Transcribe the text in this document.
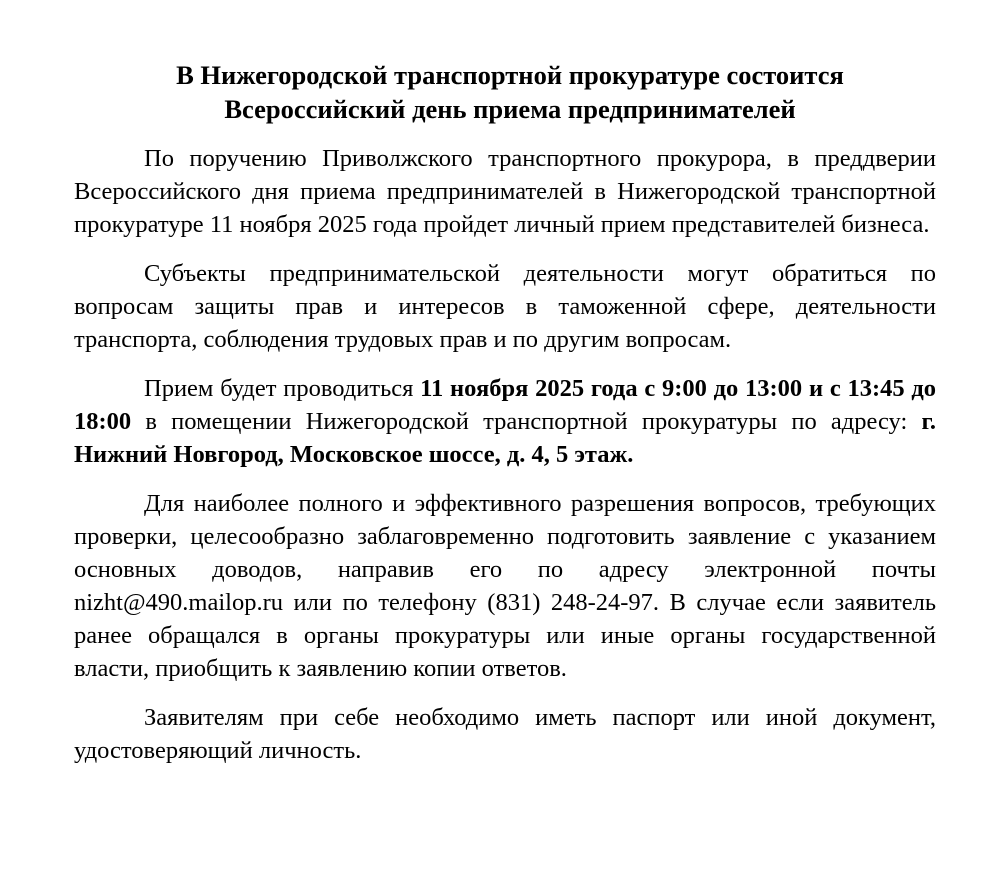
В Нижегородской транспортной прокуратуре состоится
Всероссийский день приема предпринимателей

По поручению Приволжского транспортного прокурора, в преддверии Всероссийского дня приема предпринимателей в Нижегородской транспортной прокуратуре 11 ноября 2025 года пройдет личный прием представителей бизнеса.

Субъекты предпринимательской деятельности могут обратиться по вопросам защиты прав и интересов в таможенной сфере, деятельности транспорта, соблюдения трудовых прав и по другим вопросам.

Прием будет проводиться 11 ноября 2025 года с 9:00 до 13:00 и с 13:45 до 18:00 в помещении Нижегородской транспортной прокуратуры по адресу: г. Нижний Новгород, Московское шоссе, д. 4, 5 этаж.

Для наиболее полного и эффективного разрешения вопросов, требующих проверки, целесообразно заблаговременно подготовить заявление с указанием основных доводов, направив его по адресу электронной почты nizht@490.mailop.ru или по телефону (831) 248-24-97. В случае если заявитель ранее обращался в органы прокуратуры или иные органы государственной власти, приобщить к заявлению копии ответов.

Заявителям при себе необходимо иметь паспорт или иной документ, удостоверяющий личность.
